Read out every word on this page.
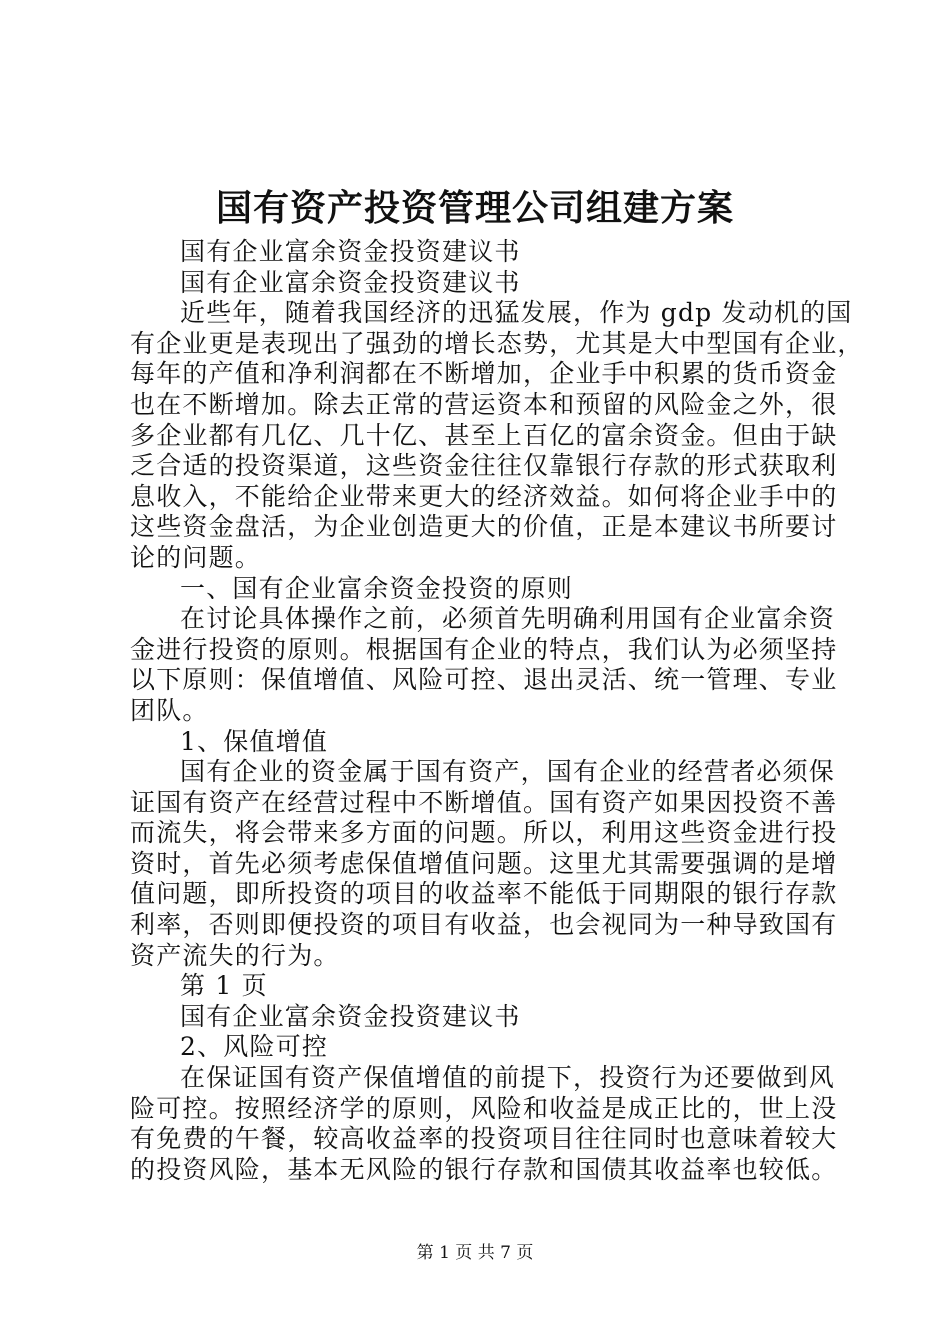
国有资产投资管理公司组建方案
国有企业富余资金投资建议书
国有企业富余资金投资建议书
近些年，随着我国经济的迅猛发展，作为 gdp 发动机的国
有企业更是表现出了强劲的增长态势，尤其是大中型国有企业，
每年的产值和净利润都在不断增加，企业手中积累的货币资金
也在不断增加。除去正常的营运资本和预留的风险金之外，很
多企业都有几亿、几十亿、甚至上百亿的富余资金。但由于缺
乏合适的投资渠道，这些资金往往仅靠银行存款的形式获取利
息收入，不能给企业带来更大的经济效益。如何将企业手中的
这些资金盘活，为企业创造更大的价值，正是本建议书所要讨
论的问题。
一、国有企业富余资金投资的原则
在讨论具体操作之前，必须首先明确利用国有企业富余资
金进行投资的原则。根据国有企业的特点，我们认为必须坚持
以下原则：保值增值、风险可控、退出灵活、统一管理、专业
团队。
1、保值增值
国有企业的资金属于国有资产，国有企业的经营者必须保
证国有资产在经营过程中不断增值。国有资产如果因投资不善
而流失，将会带来多方面的问题。所以，利用这些资金进行投
资时，首先必须考虑保值增值问题。这里尤其需要强调的是增
值问题，即所投资的项目的收益率不能低于同期限的银行存款
利率，否则即便投资的项目有收益，也会视同为一种导致国有
资产流失的行为。
第 1 页
国有企业富余资金投资建议书
2、风险可控
在保证国有资产保值增值的前提下，投资行为还要做到风
险可控。按照经济学的原则，风险和收益是成正比的，世上没
有免费的午餐，较高收益率的投资项目往往同时也意味着较大
的投资风险，基本无风险的银行存款和国债其收益率也较低。
第 1 页 共 7 页
